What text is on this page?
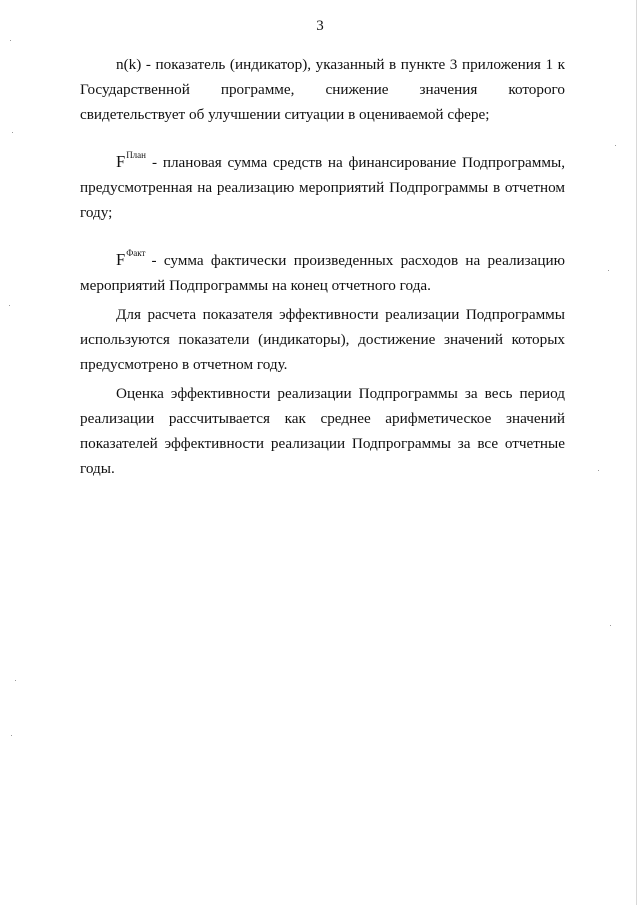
3

n(k) - показатель (индикатор), указанный в пункте 3 приложения 1 к Государственной программе, снижение значения которого свидетельствует об улучшении ситуации в оцениваемой сфере;

$F^{План}$ - плановая сумма средств на финансирование Подпрограммы, предусмотренная на реализацию мероприятий Подпрограммы в отчетном году;

$F^{Факт}$ - сумма фактически произведенных расходов на реализацию мероприятий Подпрограммы на конец отчетного года.

Для расчета показателя эффективности реализации Подпрограммы используются показатели (индикаторы), достижение значений которых предусмотрено в отчетном году.

Оценка эффективности реализации Подпрограммы за весь период реализации рассчитывается как среднее арифметическое значений показателей эффективности реализации Подпрограммы за все отчетные годы.
